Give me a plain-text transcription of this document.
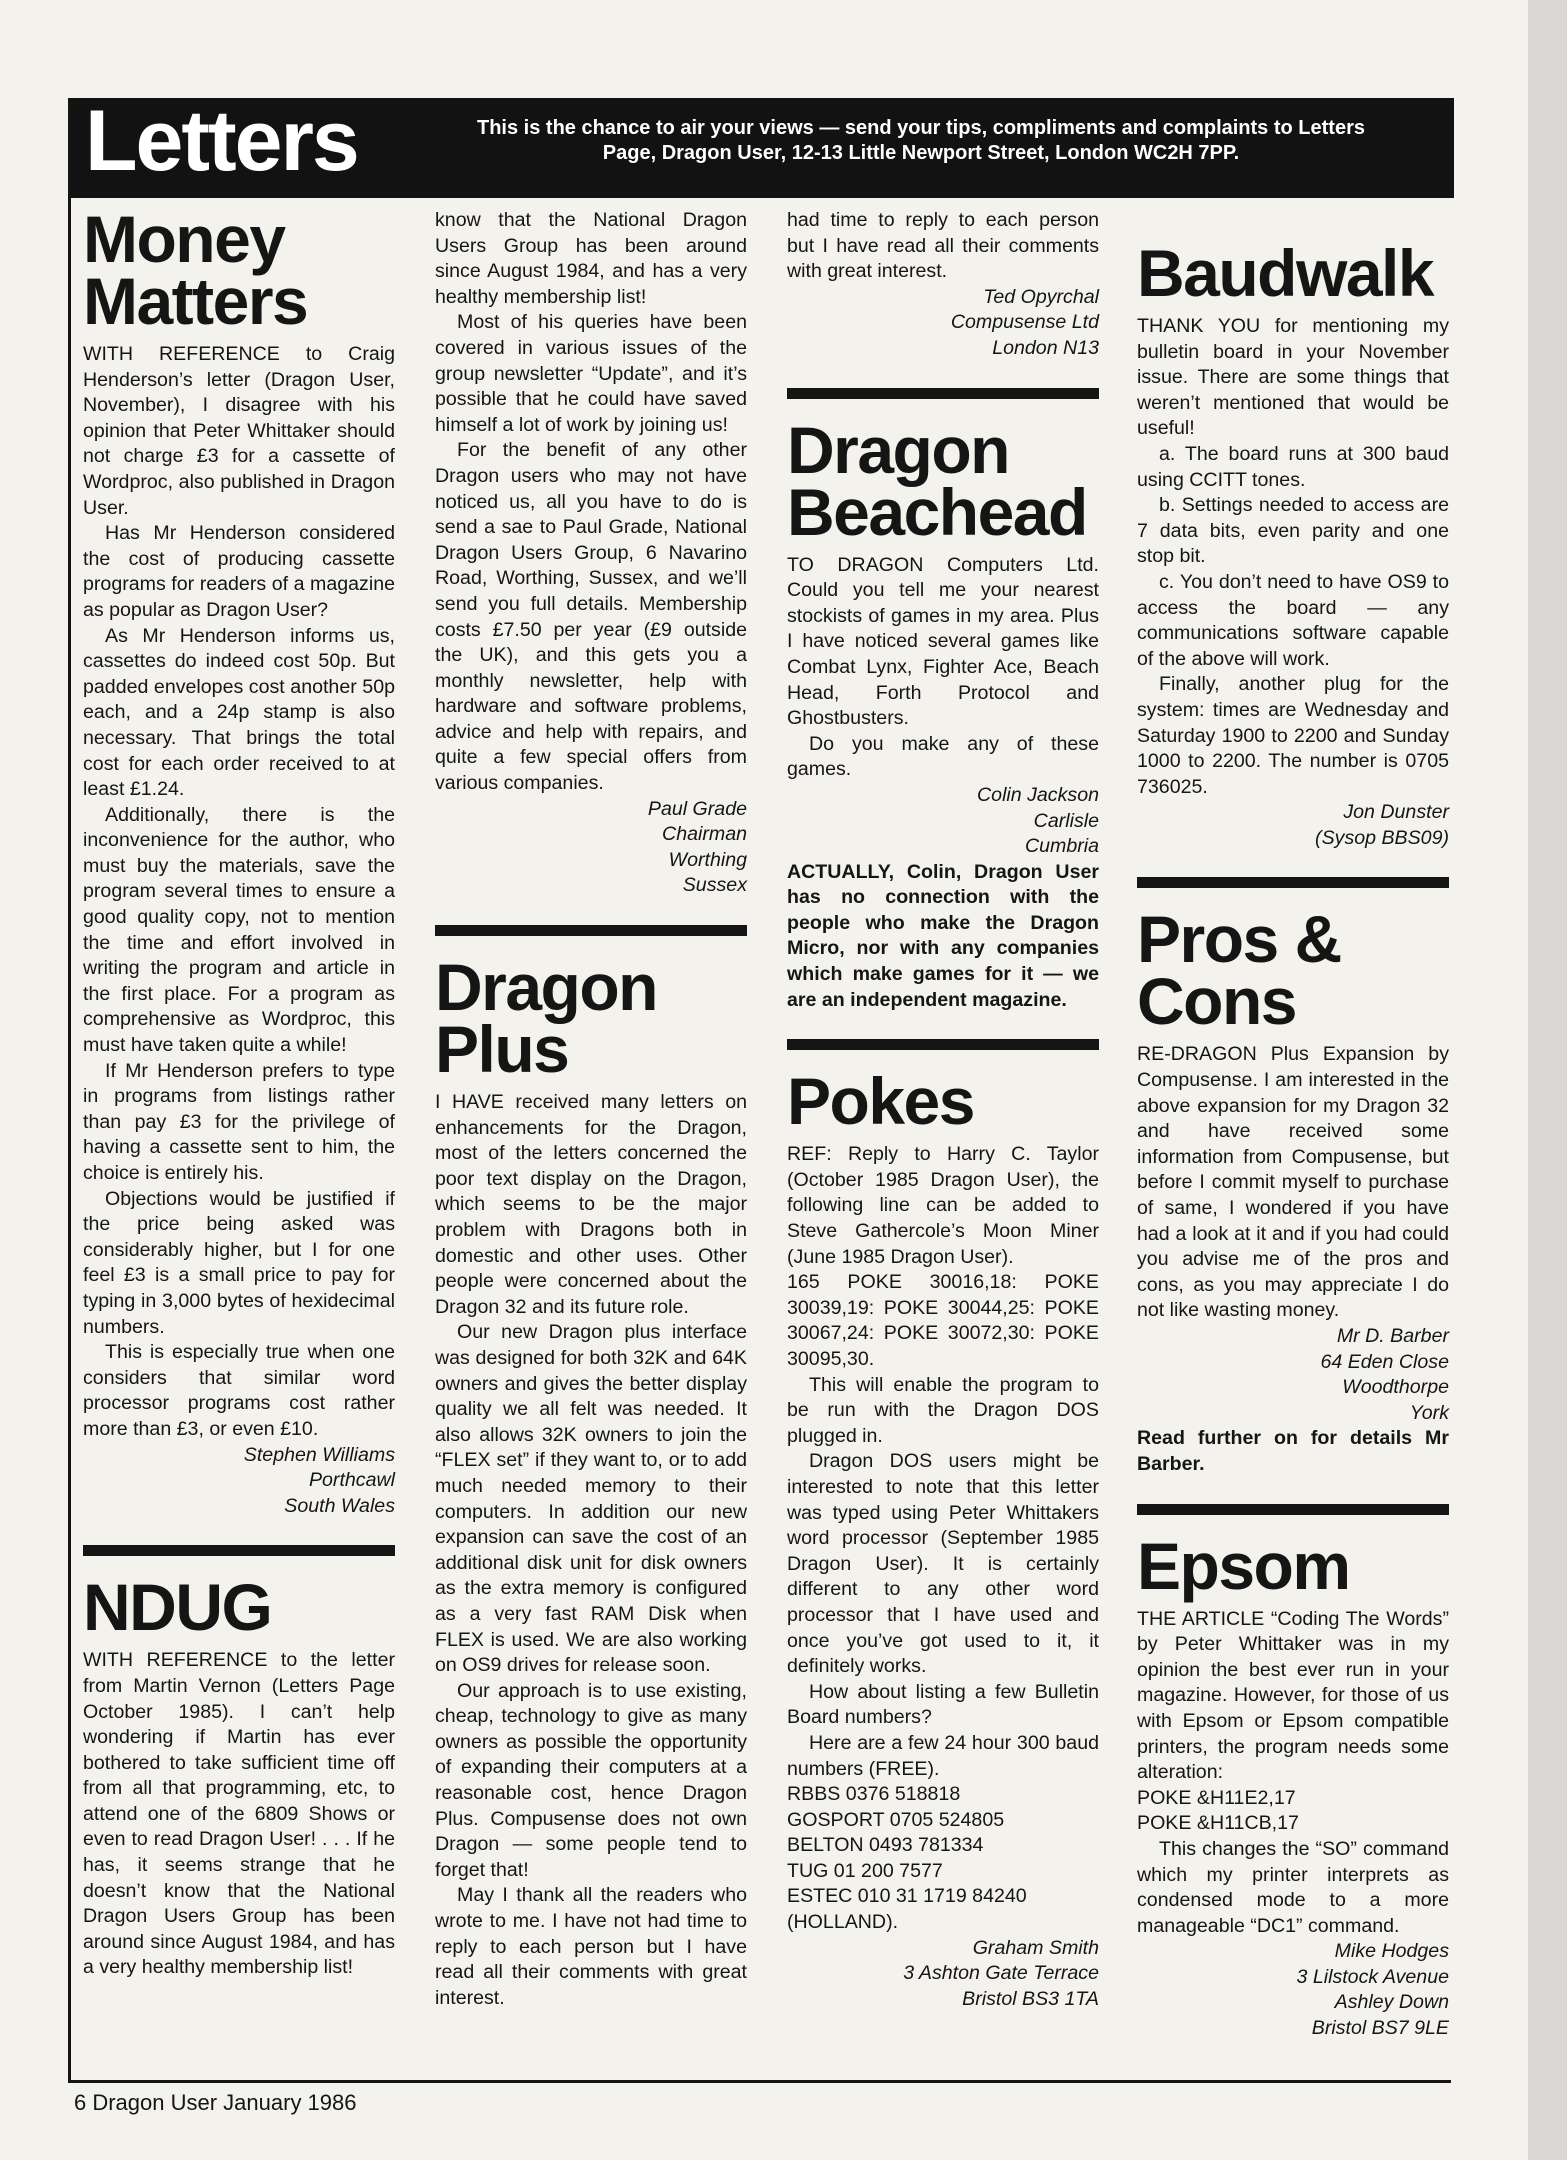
Letters	This is the chance to air your views — send your tips, compliments and complaints to Letters
Page, Dragon User, 12-13 Little Newport Street, London WC2H 7PP.
Money
Matters

WITH REFERENCE to Craig Henderson’s letter (Dragon User, November), I disagree with his opinion that Peter Whittaker should not charge £3 for a cassette of Wordproc, also published in Dragon User.

Has Mr Henderson considered the cost of producing cassette programs for readers of a magazine as popular as Dragon User?

As Mr Henderson informs us, cassettes do indeed cost 50p. But padded envelopes cost another 50p each, and a 24p stamp is also necessary. That brings the total cost for each order received to at least £1.24.

Additionally, there is the inconvenience for the author, who must buy the materials, save the program several times to ensure a good quality copy, not to mention the time and effort involved in writing the program and article in the first place. For a program as comprehensive as Wordproc, this must have taken quite a while!

If Mr Henderson prefers to type in programs from listings rather than pay £3 for the privilege of having a cassette sent to him, the choice is entirely his.

Objections would be justified if the price being asked was considerably higher, but I for one feel £3 is a small price to pay for typing in 3,000 bytes of hexidecimal numbers.

This is especially true when one considers that similar word processor programs cost rather more than £3, or even £10.

Stephen Williams
Porthcawl
South Wales
NDUG

WITH REFERENCE to the letter from Martin Vernon (Letters Page October 1985). I can’t help wondering if Martin has ever bothered to take sufficient time off from all that programming, etc, to attend one of the 6809 Shows or even to read Dragon User! . . . If he has, it seems strange that he doesn’t know that the National Dragon Users Group has been around since August 1984, and has a very healthy membership list!

know that the National Dragon Users Group has been around since August 1984, and has a very healthy membership list!

Most of his queries have been covered in various issues of the group newsletter “Update”, and it’s possible that he could have saved himself a lot of work by joining us!

For the benefit of any other Dragon users who may not have noticed us, all you have to do is send a sae to Paul Grade, National Dragon Users Group, 6 Navarino Road, Worthing, Sussex, and we’ll send you full details. Membership costs £7.50 per year (£9 outside the UK), and this gets you a monthly newsletter, help with hardware and software problems, advice and help with repairs, and quite a few special offers from various companies.

Paul Grade
Chairman
Worthing
Sussex
Dragon
Plus

I HAVE received many letters on enhancements for the Dragon, most of the letters concerned the poor text display on the Dragon, which seems to be the major problem with Dragons both in domestic and other uses. Other people were concerned about the Dragon 32 and its future role.

Our new Dragon plus interface was designed for both 32K and 64K owners and gives the better display quality we all felt was needed. It also allows 32K owners to join the “FLEX set” if they want to, or to add much needed memory to their computers. In addition our new expansion can save the cost of an additional disk unit for disk owners as the extra memory is configured as a very fast RAM Disk when FLEX is used. We are also working on OS9 drives for release soon.

Our approach is to use existing, cheap, technology to give as many owners as possible the opportunity of expanding their computers at a reasonable cost, hence Dragon Plus. Compusense does not own Dragon — some people tend to forget that!

May I thank all the readers who wrote to me. I have not had time to reply to each person but I have read all their comments with great interest.

had time to reply to each person but I have read all their comments with great interest.

Ted Opyrchal
Compusense Ltd
London N13
Dragon
Beachead

TO DRAGON Computers Ltd. Could you tell me your nearest stockists of games in my area. Plus I have noticed several games like Combat Lynx, Fighter Ace, Beach Head, Forth Protocol and Ghostbusters.

Do you make any of these games.

Colin Jackson
Carlisle
Cumbria

ACTUALLY, Colin, Dragon User has no connection with the people who make the Dragon Micro, nor with any companies which make games for it — we are an independent magazine.

Pokes

REF: Reply to Harry C. Taylor (October 1985 Dragon User), the following line can be added to Steve Gathercole’s Moon Miner (June 1985 Dragon User).

165 POKE 30016,18: POKE 30039,19: POKE 30044,25: POKE 30067,24: POKE 30072,30: POKE 30095,30.

This will enable the program to be run with the Dragon DOS plugged in.

Dragon DOS users might be interested to note that this letter was typed using Peter Whittakers word processor (September 1985 Dragon User). It is certainly different to any other word processor that I have used and once you’ve got used to it, it definitely works.

How about listing a few Bulletin Board numbers?

Here are a few 24 hour 300 baud numbers (FREE).

RBBS 0376 518818
GOSPORT 0705 524805
BELTON 0493 781334
TUG 01 200 7577
ESTEC 010 31 1719 84240
(HOLLAND).
Graham Smith
3 Ashton Gate Terrace
Bristol BS3 1TA
Baudwalk

THANK YOU for mentioning my bulletin board in your November issue. There are some things that weren’t mentioned that would be useful!

a. The board runs at 300 baud using CCITT tones.

b. Settings needed to access are 7 data bits, even parity and one stop bit.

c. You don’t need to have OS9 to access the board — any communications software capable of the above will work.

Finally, another plug for the system: times are Wednesday and Saturday 1900 to 2200 and Sunday 1000 to 2200. The number is 0705 736025.

Jon Dunster
(Sysop BBS09)
Pros &
Cons

RE-DRAGON Plus Expansion by Compusense. I am interested in the above expansion for my Dragon 32 and have received some information from Compusense, but before I commit myself to purchase of same, I wondered if you have had a look at it and if you had could you advise me of the pros and cons, as you may appreciate I do not like wasting money.

Mr D. Barber
64 Eden Close
Woodthorpe
York

Read further on for details Mr Barber.

Epsom

THE ARTICLE “Coding The Words” by Peter Whittaker was in my opinion the best ever run in your magazine. However, for those of us with Epsom or Epsom compatible printers, the program needs some alteration:

POKE &H11E2,17
POKE &H11CB,17

This changes the “SO” command which my printer interprets as condensed mode to a more manageable “DC1” command.

Mike Hodges
3 Lilstock Avenue
Ashley Down
Bristol BS7 9LE
6 Dragon User January 1986
